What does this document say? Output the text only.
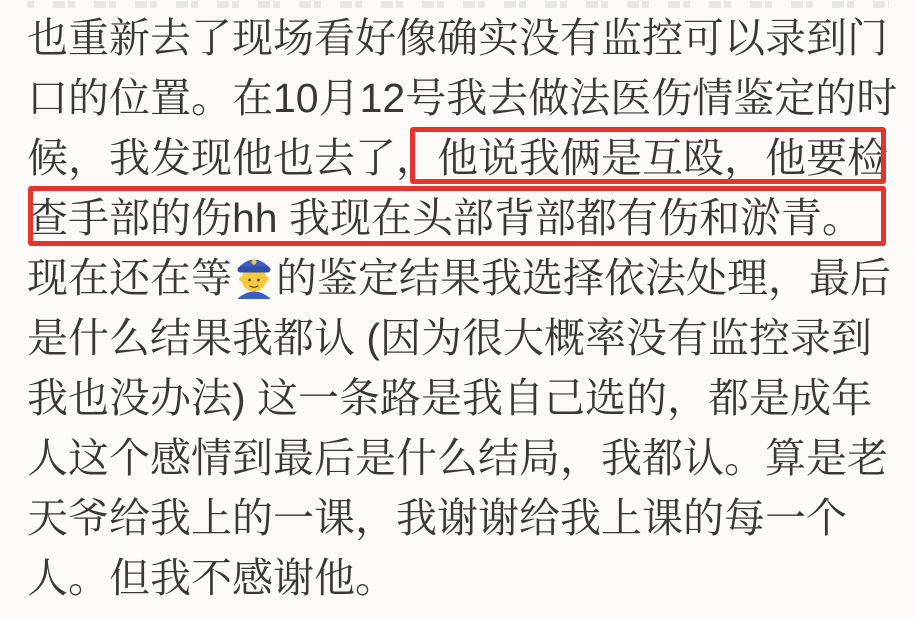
也重新去了现场看好像确实没有监控可以录到门
口的位置。在10月12号我去做法医伤情鉴定的时
候，我发现他也去了，他说我俩是互殴，他要检
查手部的伤hh 我现在头部背部都有伤和淤青。
现在还在等 的鉴定结果我选择依法处理，最后
是什么结果我都认 (因为很大概率没有监控录到
我也没办法) 这一条路是我自己选的，都是成年
人这个感情到最后是什么结局，我都认。算是老
天爷给我上的一课，我谢谢给我上课的每一个
人。但我不感谢他。
